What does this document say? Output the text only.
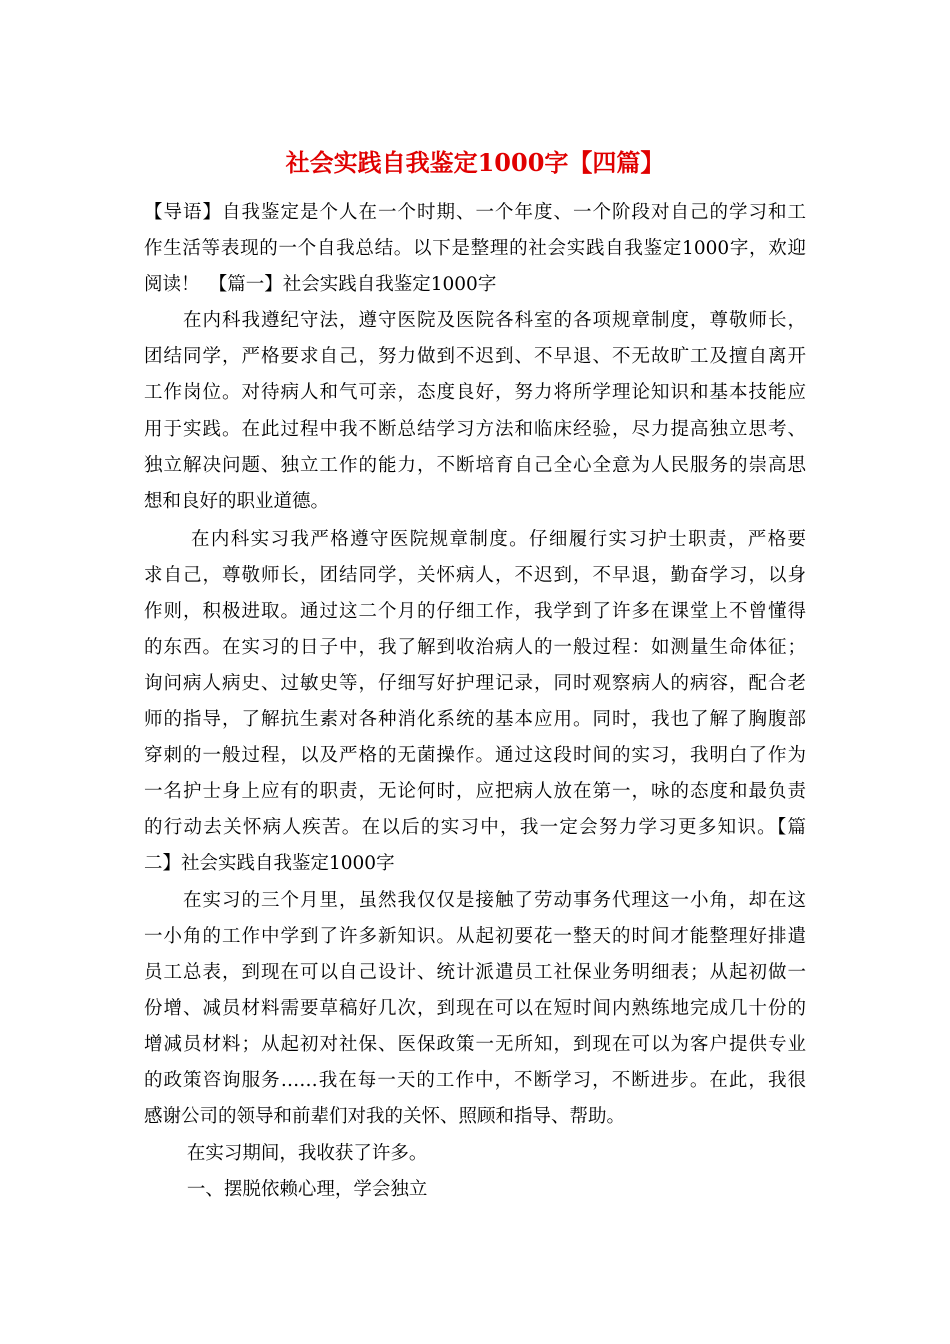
社会实践自我鉴定1000字【四篇】
【导语】自我鉴定是个人在一个时期、一个年度、一个阶段对自己的学习和工
作生活等表现的一个自我总结。以下是整理的社会实践自我鉴定1000字，欢迎
阅读！　【篇一】社会实践自我鉴定1000字
　　在内科我遵纪守法，遵守医院及医院各科室的各项规章制度，尊敬师长，
团结同学，严格要求自己，努力做到不迟到、不早退、不无故旷工及擅自离开
工作岗位。对待病人和气可亲，态度良好，努力将所学理论知识和基本技能应
用于实践。在此过程中我不断总结学习方法和临床经验，尽力提高独立思考、
独立解决问题、独立工作的能力，不断培育自己全心全意为人民服务的崇高思
想和良好的职业道德。
　　 在内科实习我严格遵守医院规章制度。仔细履行实习护士职责，严格要
求自己，尊敬师长，团结同学，关怀病人，不迟到，不早退，勤奋学习，以身
作则，积极进取。通过这二个月的仔细工作，我学到了许多在课堂上不曾懂得
的东西。在实习的日子中，我了解到收治病人的一般过程：如测量生命体征；
询问病人病史、过敏史等，仔细写好护理记录，同时观察病人的病容，配合老
师的指导，了解抗生素对各种消化系统的基本应用。同时，我也了解了胸腹部
穿刺的一般过程，以及严格的无菌操作。通过这段时间的实习，我明白了作为
一名护士身上应有的职责，无论何时，应把病人放在第一，咏的态度和最负责
的行动去关怀病人疾苦。在以后的实习中，我一定会努力学习更多知识。【篇
二】社会实践自我鉴定1000字
　　在实习的三个月里，虽然我仅仅是接触了劳动事务代理这一小角，却在这
一小角的工作中学到了许多新知识。从起初要花一整天的时间才能整理好排遣
员工总表，到现在可以自己设计、统计派遣员工社保业务明细表；从起初做一
份增、减员材料需要草稿好几次，到现在可以在短时间内熟练地完成几十份的
增减员材料；从起初对社保、医保政策一无所知，到现在可以为客户提供专业
的政策咨询服务……我在每一天的工作中，不断学习，不断进步。在此，我很
感谢公司的领导和前辈们对我的关怀、照顾和指导、帮助。
　　 在实习期间，我收获了许多。
　　 一、摆脱依赖心理，学会独立
